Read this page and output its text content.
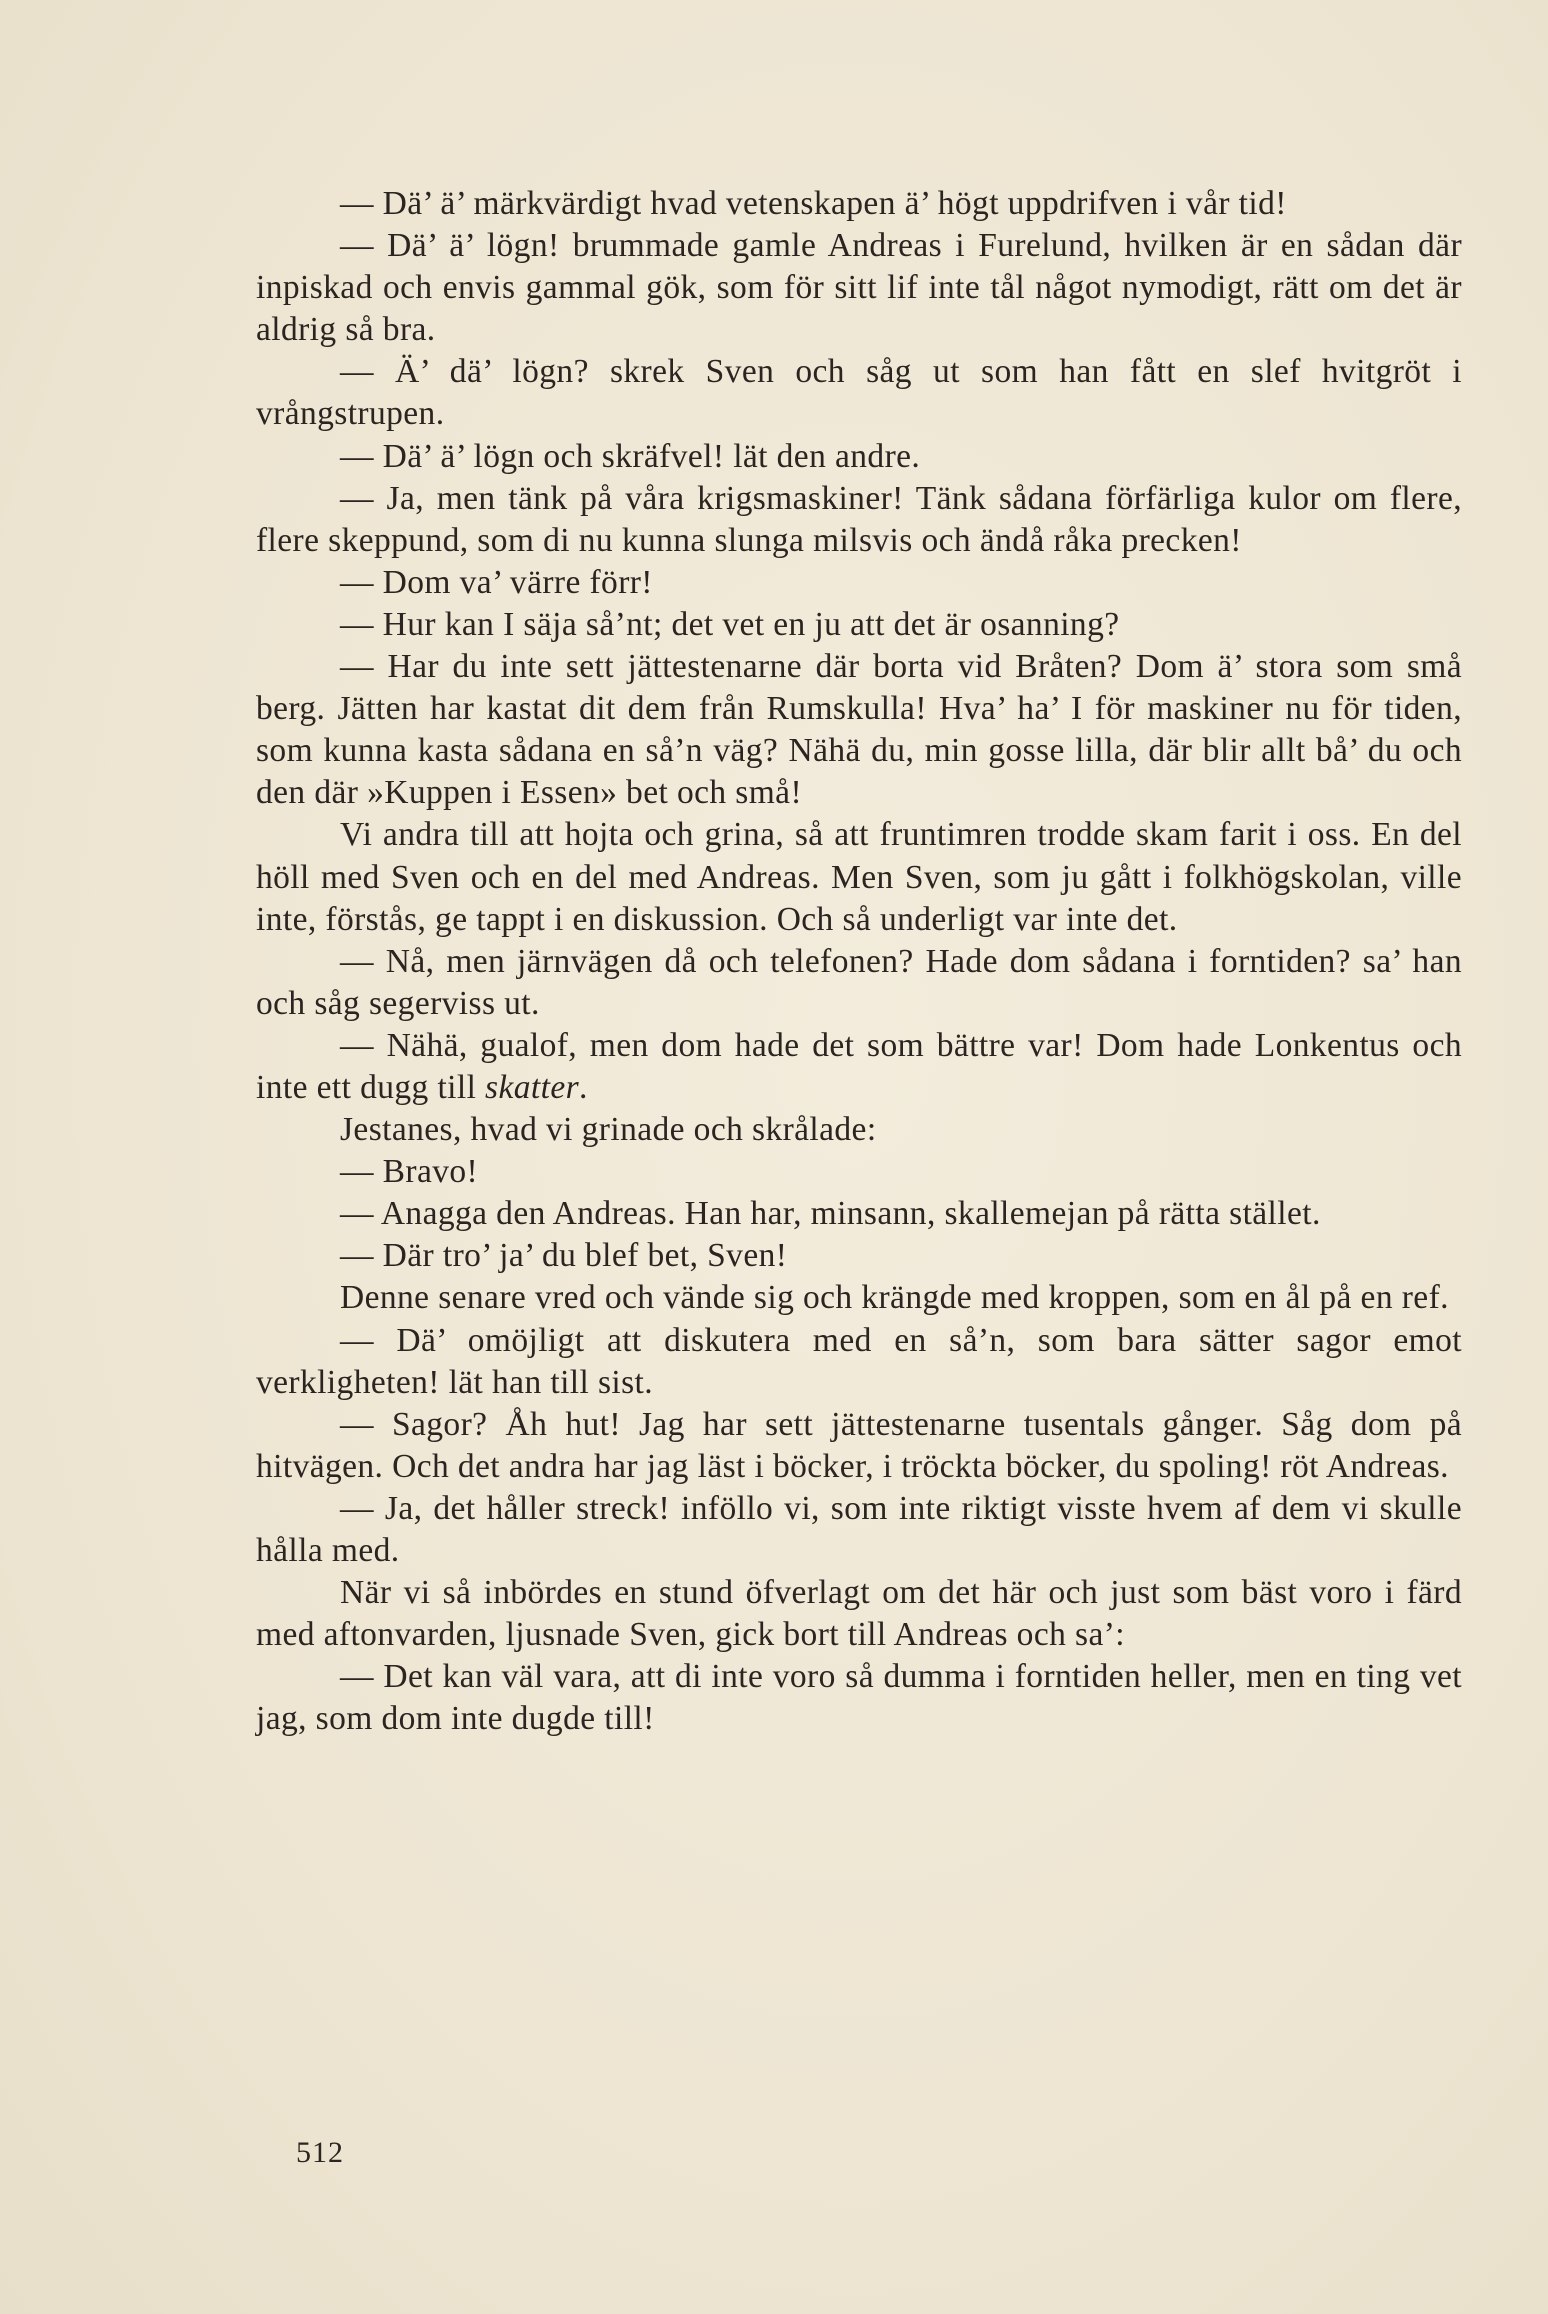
— Dä’ ä’ märkvärdigt hvad vetenskapen ä’ högt uppdrifven i vår tid!

— Dä’ ä’ lögn! brummade gamle Andreas i Furelund, hvilken är en sådan där inpiskad och envis gammal gök, som för sitt lif inte tål något nymodigt, rätt om det är aldrig så bra.

— Ä’ dä’ lögn? skrek Sven och såg ut som han fått en slef hvitgröt i vrångstrupen.

— Dä’ ä’ lögn och skräfvel! lät den andre.

— Ja, men tänk på våra krigsmaskiner! Tänk sådana förfärliga kulor om flere, flere skeppund, som di nu kunna slunga milsvis och ändå råka precken!

— Dom va’ värre förr!

— Hur kan I säja så’nt; det vet en ju att det är osanning?

— Har du inte sett jättestenarne där borta vid Bråten? Dom ä’ stora som små berg. Jätten har kastat dit dem från Rumskulla! Hva’ ha’ I för maskiner nu för tiden, som kunna kasta sådana en så’n väg? Nähä du, min gosse lilla, där blir allt bå’ du och den där »Kuppen i Essen» bet och små!

Vi andra till att hojta och grina, så att fruntimren trodde skam farit i oss. En del höll med Sven och en del med Andreas. Men Sven, som ju gått i folkhögskolan, ville inte, förstås, ge tappt i en diskussion. Och så underligt var inte det.

— Nå, men järnvägen då och telefonen? Hade dom sådana i forntiden? sa’ han och såg segerviss ut.

— Nähä, gualof, men dom hade det som bättre var! Dom hade Lonkentus och inte ett dugg till skatter.

Jestanes, hvad vi grinade och skrålade:

— Bravo!

— Anagga den Andreas. Han har, minsann, skallemejan på rätta stället.

— Där tro’ ja’ du blef bet, Sven!

Denne senare vred och vände sig och krängde med kroppen, som en ål på en ref.

— Dä’ omöjligt att diskutera med en så’n, som bara sätter sagor emot verkligheten! lät han till sist.

— Sagor? Åh hut! Jag har sett jättestenarne tusentals gånger. Såg dom på hitvägen. Och det andra har jag läst i böcker, i tröckta böcker, du spoling! röt Andreas.

— Ja, det håller streck! inföllo vi, som inte riktigt visste hvem af dem vi skulle hålla med.

När vi så inbördes en stund öfverlagt om det här och just som bäst voro i färd med aftonvarden, ljusnade Sven, gick bort till Andreas och sa’:

— Det kan väl vara, att di inte voro så dumma i forntiden heller, men en ting vet jag, som dom inte dugde till!

512
